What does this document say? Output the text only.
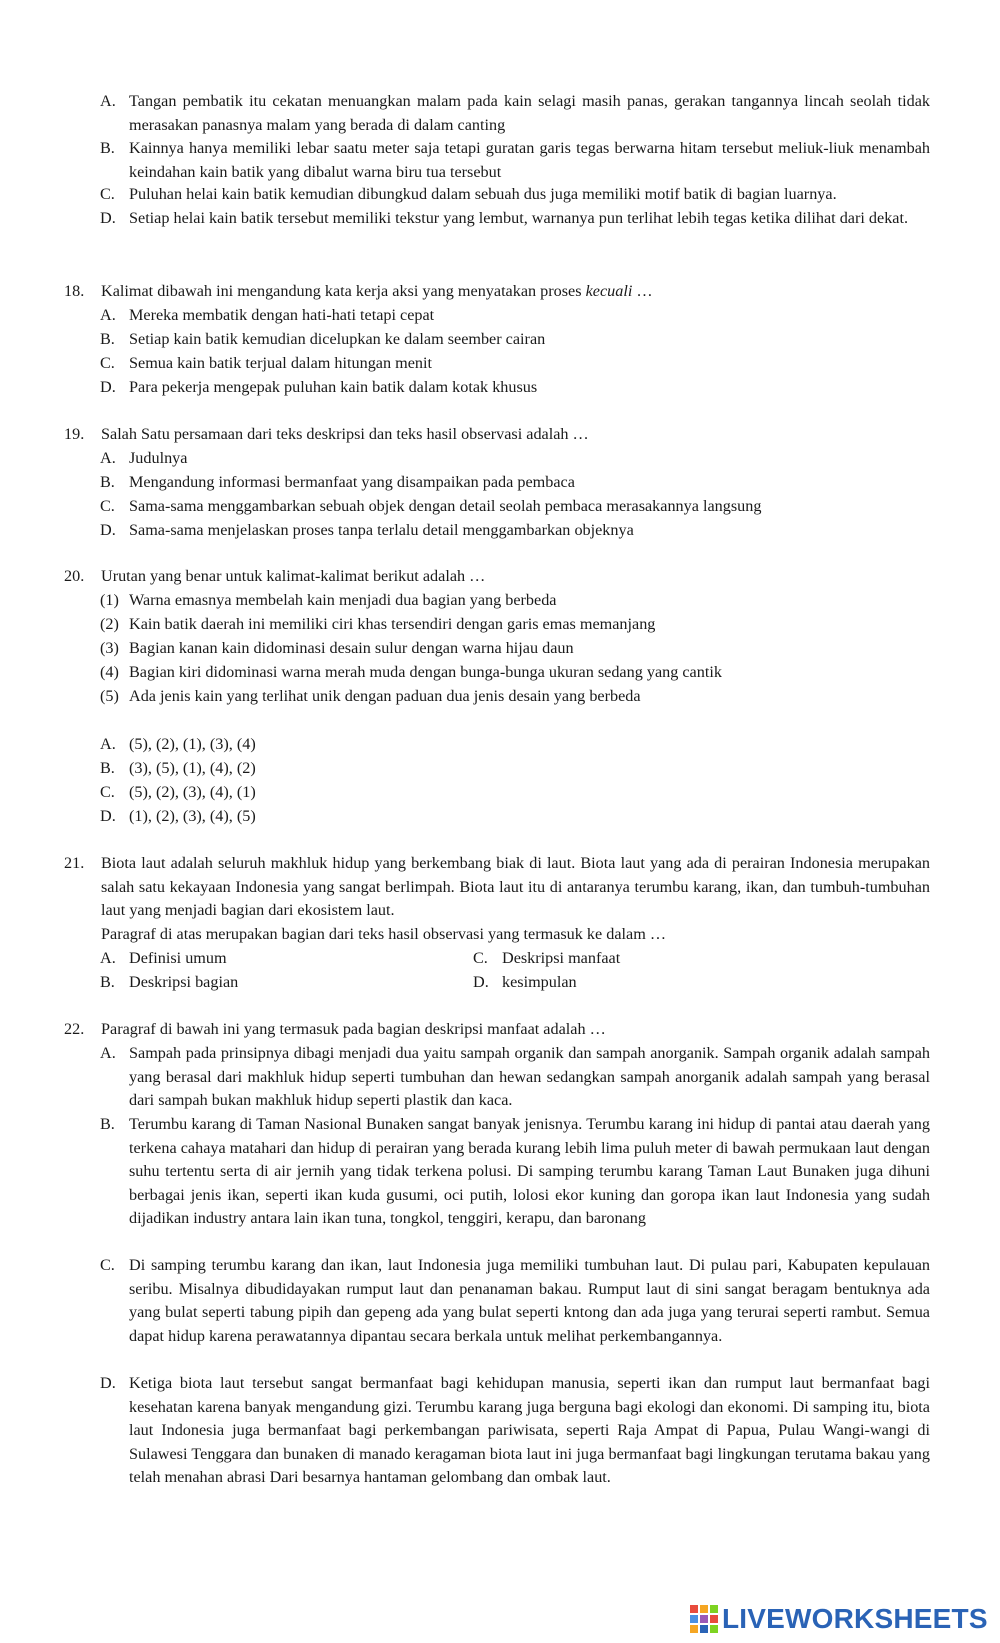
A. Tangan pembatik itu cekatan menuangkan malam pada kain selagi masih panas, gerakan tangannya lincah seolah tidak merasakan panasnya malam yang berada di dalam canting
B. Kainnya hanya memiliki lebar saatu meter saja tetapi guratan garis tegas berwarna hitam tersebut meliuk-liuk menambah keindahan kain batik yang dibalut warna biru tua tersebut
C. Puluhan helai kain batik kemudian dibungkud dalam sebuah dus juga memiliki motif batik di bagian luarnya.
D. Setiap helai kain batik tersebut memiliki tekstur yang lembut, warnanya pun terlihat lebih tegas ketika dilihat dari dekat.
18.	Kalimat dibawah ini mengandung kata kerja aksi yang menyatakan proses kecuali …
A. Mereka membatik dengan hati-hati tetapi cepat
B. Setiap kain batik kemudian dicelupkan ke dalam seember cairan
C. Semua kain batik terjual dalam hitungan menit
D. Para pekerja mengepak puluhan kain batik dalam kotak khusus
19.	Salah Satu persamaan dari teks deskripsi dan teks hasil observasi adalah …
A. Judulnya
B. Mengandung informasi bermanfaat yang disampaikan pada pembaca
C. Sama-sama menggambarkan sebuah objek dengan detail seolah pembaca merasakannya langsung
D. Sama-sama menjelaskan proses tanpa terlalu detail menggambarkan objeknya
20.	Urutan yang benar untuk kalimat-kalimat berikut adalah …
(1) Warna emasnya membelah kain menjadi dua bagian yang berbeda
(2) Kain batik daerah ini memiliki ciri khas tersendiri dengan garis emas memanjang
(3) Bagian kanan kain didominasi desain sulur dengan warna hijau daun
(4) Bagian kiri didominasi warna merah muda dengan bunga-bunga ukuran sedang yang cantik
(5) Ada jenis kain yang terlihat unik dengan paduan dua jenis desain yang berbeda
A. (5), (2), (1), (3), (4)
B. (3), (5), (1), (4), (2)
C. (5), (2), (3), (4), (1)
D. (1), (2), (3), (4), (5)
21.	Biota laut adalah seluruh makhluk hidup yang berkembang biak di laut. Biota laut yang ada di perairan Indonesia merupakan salah satu kekayaan Indonesia yang sangat berlimpah. Biota laut itu di antaranya terumbu karang, ikan, dan tumbuh-tumbuhan laut yang menjadi bagian dari ekosistem laut.
Paragraf di atas merupakan bagian dari teks hasil observasi yang termasuk ke dalam …
A. Definisi umum	C. Deskripsi manfaat
B. Deskripsi bagian	D. kesimpulan
22.	Paragraf di bawah ini yang termasuk pada bagian deskripsi manfaat adalah …
A. Sampah pada prinsipnya dibagi menjadi dua yaitu sampah organik dan sampah anorganik. Sampah organik adalah sampah yang berasal dari makhluk hidup seperti tumbuhan dan hewan sedangkan sampah anorganik adalah sampah yang berasal dari sampah bukan makhluk hidup seperti plastik dan kaca.
B. Terumbu karang di Taman Nasional Bunaken sangat banyak jenisnya. Terumbu karang ini hidup di pantai atau daerah yang terkena cahaya matahari dan hidup di perairan yang berada kurang lebih lima puluh meter di bawah permukaan laut dengan suhu tertentu serta di air jernih yang tidak terkena polusi. Di samping terumbu karang Taman Laut Bunaken juga dihuni berbagai jenis ikan, seperti ikan kuda gusumi, oci putih, lolosi ekor kuning dan goropa ikan laut Indonesia yang sudah dijadikan industry antara lain ikan tuna, tongkol, tenggiri, kerapu, dan baronang
C. Di samping terumbu karang dan ikan, laut Indonesia juga memiliki tumbuhan laut. Di pulau pari, Kabupaten kepulauan seribu. Misalnya dibudidayakan rumput laut dan penanaman bakau. Rumput laut di sini sangat beragam bentuknya ada yang bulat seperti tabung pipih dan gepeng ada yang bulat seperti kntong dan ada juga yang terurai seperti rambut. Semua dapat hidup karena perawatannya dipantau secara berkala untuk melihat perkembangannya.
D. Ketiga biota laut tersebut sangat bermanfaat bagi kehidupan manusia, seperti ikan dan rumput laut bermanfaat bagi kesehatan karena banyak mengandung gizi. Terumbu karang juga berguna bagi ekologi dan ekonomi. Di samping itu, biota laut Indonesia juga bermanfaat bagi perkembangan pariwisata, seperti Raja Ampat di Papua, Pulau Wangi-wangi di Sulawesi Tenggara dan bunaken di manado keragaman biota laut ini juga bermanfaat bagi lingkungan terutama bakau yang telah menahan abrasi Dari besarnya hantaman gelombang dan ombak laut.
LIVEWORKSHEETS
